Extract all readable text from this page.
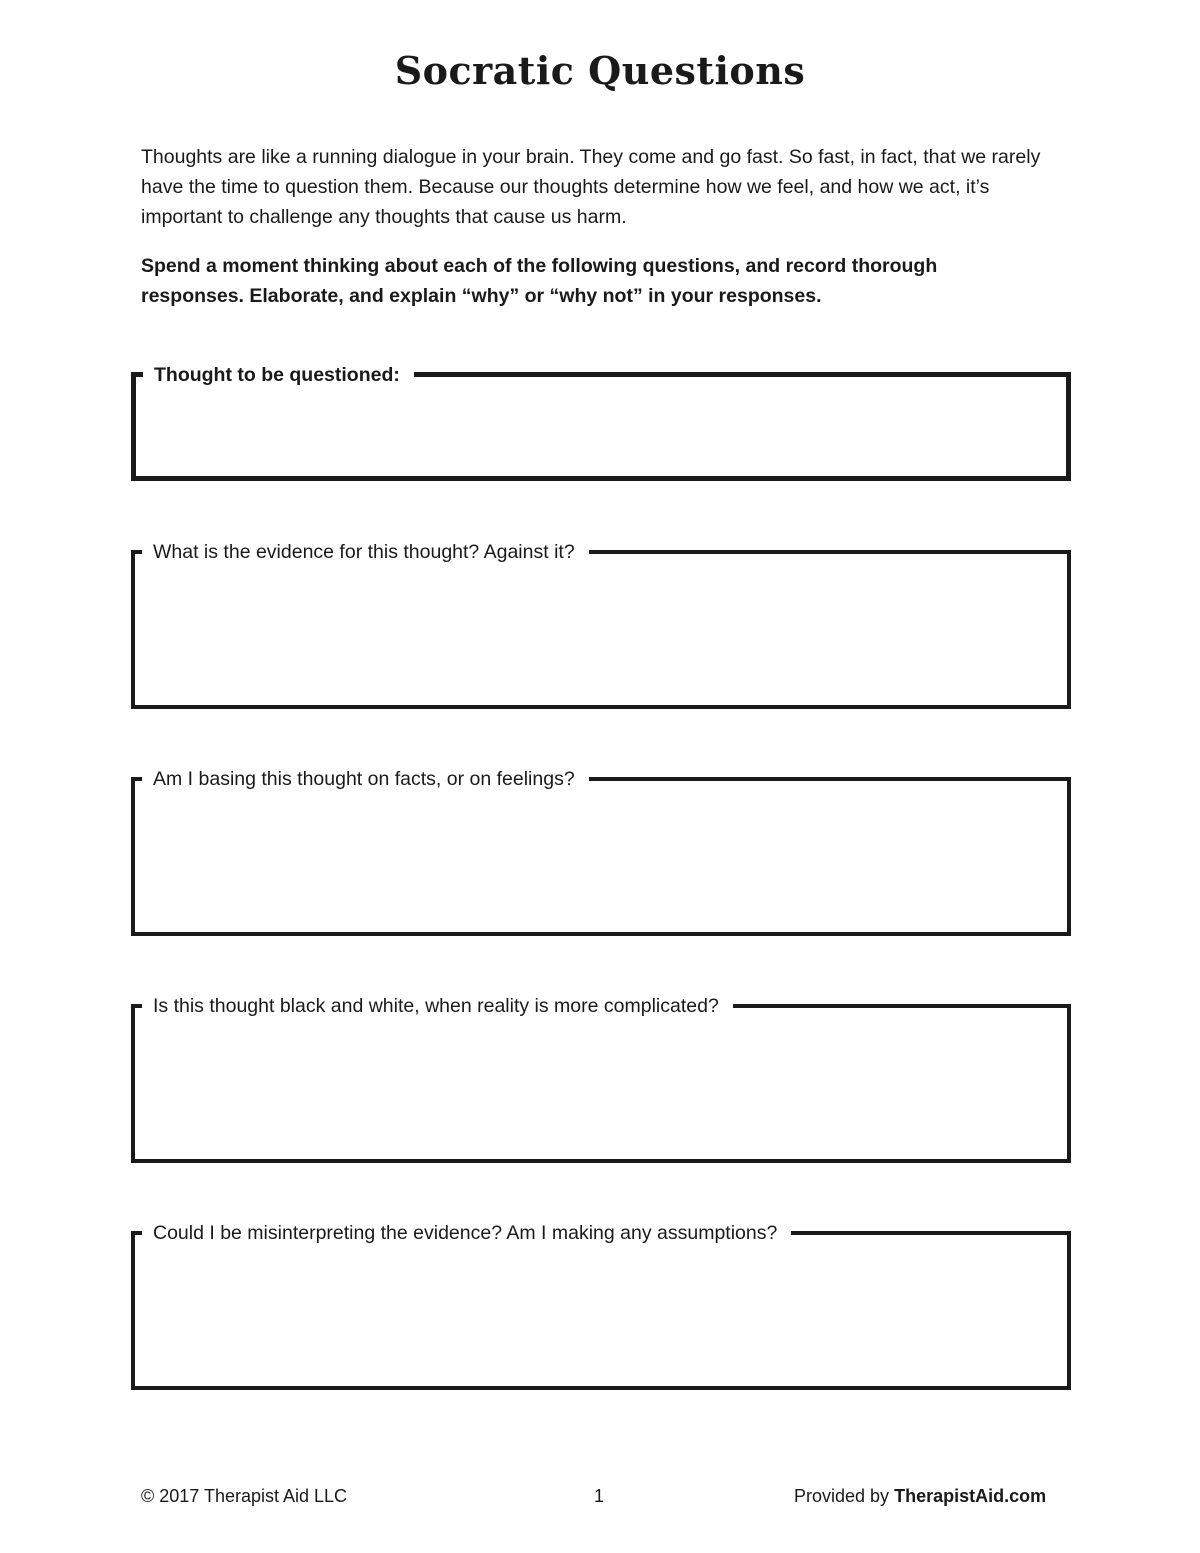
Socratic Questions

Thoughts are like a running dialogue in your brain. They come and go fast. So fast, in fact, that we rarely have the time to question them. Because our thoughts determine how we feel, and how we act, it’s important to challenge any thoughts that cause us harm.

Spend a moment thinking about each of the following questions, and record thorough responses. Elaborate, and explain “why” or “why not” in your responses.

Thought to be questioned:
What is the evidence for this thought? Against it?
Am I basing this thought on facts, or on feelings?
Is this thought black and white, when reality is more complicated?
Could I be misinterpreting the evidence? Am I making any assumptions?
© 2017 Therapist Aid LLC	1	Provided by TherapistAid.com
